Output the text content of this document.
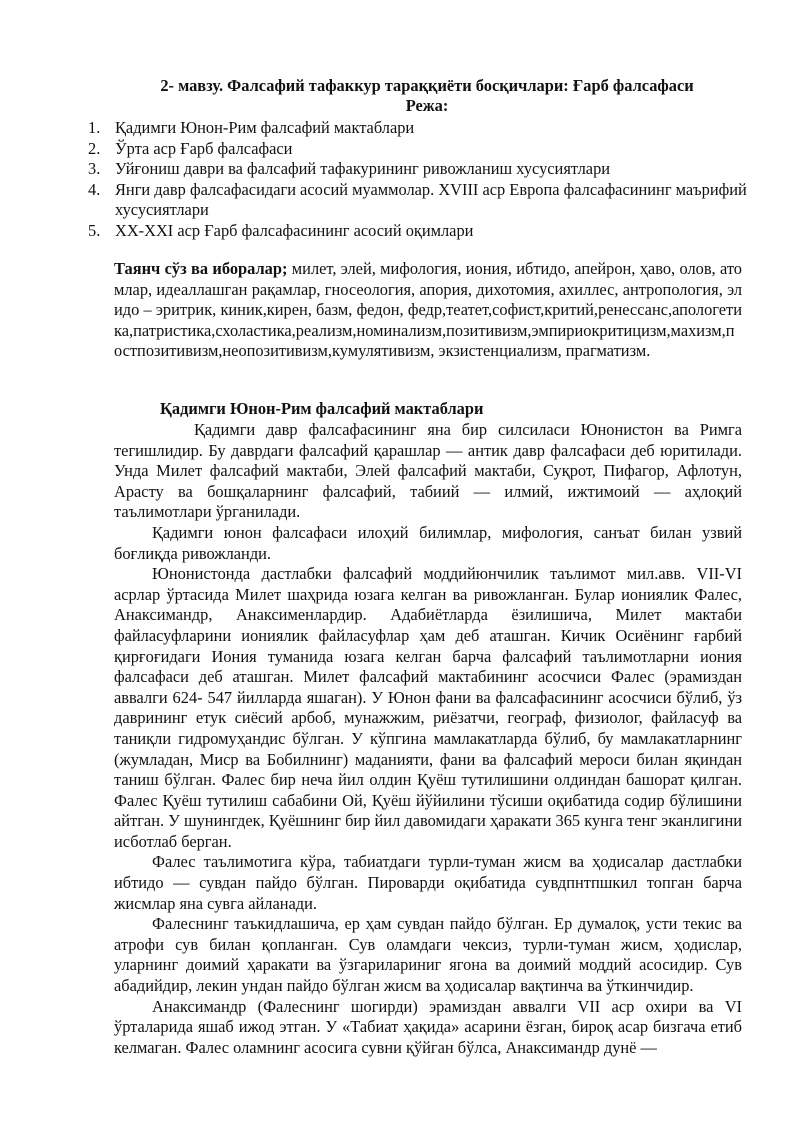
2- мавзу. Фалсафий тафаккур тараққиёти босқичлари: Ғарб фалсафаси
Режа:
1. Қадимги Юнон-Рим фалсафий мактаблари
2. Ўрта аср Ғарб фалсафаси
3. Уйғониш даври ва фалсафий тафакурининг ривожланиш хусусиятлари
4. Янги давр фалсафасидаги асосий муаммолар. XVIII аср Европа фалсафасининг маърифий хусусиятлари
5. XX-XXI аср Ғарб фалсафасининг асосий оқимлари
Таянч сўз ва иборалар; милет, элей, мифология, иония, ибтидо, апейрон, ҳаво, олов, атомлар, идеаллашган рақамлар, гносеология, апория, дихотомия, ахиллес, антропология, элидо – эритрик, киник,кирен, базм, федон, федр,театет,софист,критий,ренессанс,апологетика,патристика,схоластика,реализм,номинализм,позитивизм,эмпириокритицизм,махизм,постпозитивизм,неопозитивизм,кумулятивизм, экзистенциализм, прагматизм.
Қадимги Юнон-Рим фалсафий мактаблари

Қадимги давр фалсафасининг яна бир силсиласи Юнонистон ва Римга тегишлидир. Бу даврдаги фалсафий қарашлар — антик давр фалсафаси деб юритилади. Унда Милет фалсафий мактаби, Элей фалсафий мактаби, Суқрот, Пифагор, Афлотун, Арасту ва бошқаларнинг фалсафий, табиий — илмий, ижтимоий — аҳлоқий таълимотлари ўрганилади.

Қадимги юнон фалсафаси илоҳий билимлар, мифология, санъат билан узвий боғлиқда ривожланди.

Юнонистонда дастлабки фалсафий моддийюнчилик таълимот мил.авв. VII-VI асрлар ўртасида Милет шаҳрида юзага келган ва ривожланган. Булар иониялик Фалес, Анаксимандр, Анаксименлардир. Адабиётларда ёзилишича, Милет мактаби файласуфларини иониялик файласуфлар ҳам деб аташган. Кичик Осиёнинг ғарбий қирғоғидаги Иония туманида юзага келган барча фалсафий таълимотларни иония фалсафаси деб аташган. Милет фалсафий мактабининг асосчиси Фалес (эрамиздан аввалги 624- 547 йилларда яшаган). У Юнон фани ва фалсафасининг асосчиси бўлиб, ўз даврининг етук сиёсий арбоб, мунажжим, риёзатчи, географ, физиолог, файласуф ва таниқли гидромуҳандис бўлган. У кўпгина мамлакатларда бўлиб, бу мамлакатларнинг (жумладан, Миср ва Бобилнинг) маданияти, фани ва фалсафий мероси билан яқиндан таниш бўлган. Фалес бир неча йил олдин Қуёш тутилишини олдиндан башорат қилган. Фалес Қуёш тутилиш сабабини Ой, Қуёш йўйилини тўсиши оқибатида содир бўлишини айтган. У шунингдек, Қуёшнинг бир йил давомидаги ҳаракати 365 кунга тенг эканлигини исботлаб берган.

Фалес таълимотига кўра, табиатдаги турли-туман жисм ва ҳодисалар дастлабки ибтидо — сувдан пайдо бўлган. Пироварди оқибатида сувдпнтпшкил топган барча жисмлар яна сувга айланади.

Фалеснинг таъкидлашича, ер ҳам сувдан пайдо бўлган. Ер думалоқ, усти текис ва атрофи сув билан қопланган. Сув оламдаги чексиз, турли-туман жисм, ҳодислар, уларнинг доимий ҳаракати ва ўзгарилариниг ягона ва доимий моддий асосидир. Сув абадийдир, лекин ундан пайдо бўлган жисм ва ҳодисалар вақтинча ва ўткинчидир.

Анаксимандр (Фалеснинг шогирди) эрамиздан аввалги VII аср охири ва VI ўрталарида яшаб ижод этган. У «Табиат ҳақида» асарини ёзган, бироқ асар бизгача етиб келмаган. Фалес оламнинг асосига сувни қўйган бўлса, Анаксимандр дунё —
